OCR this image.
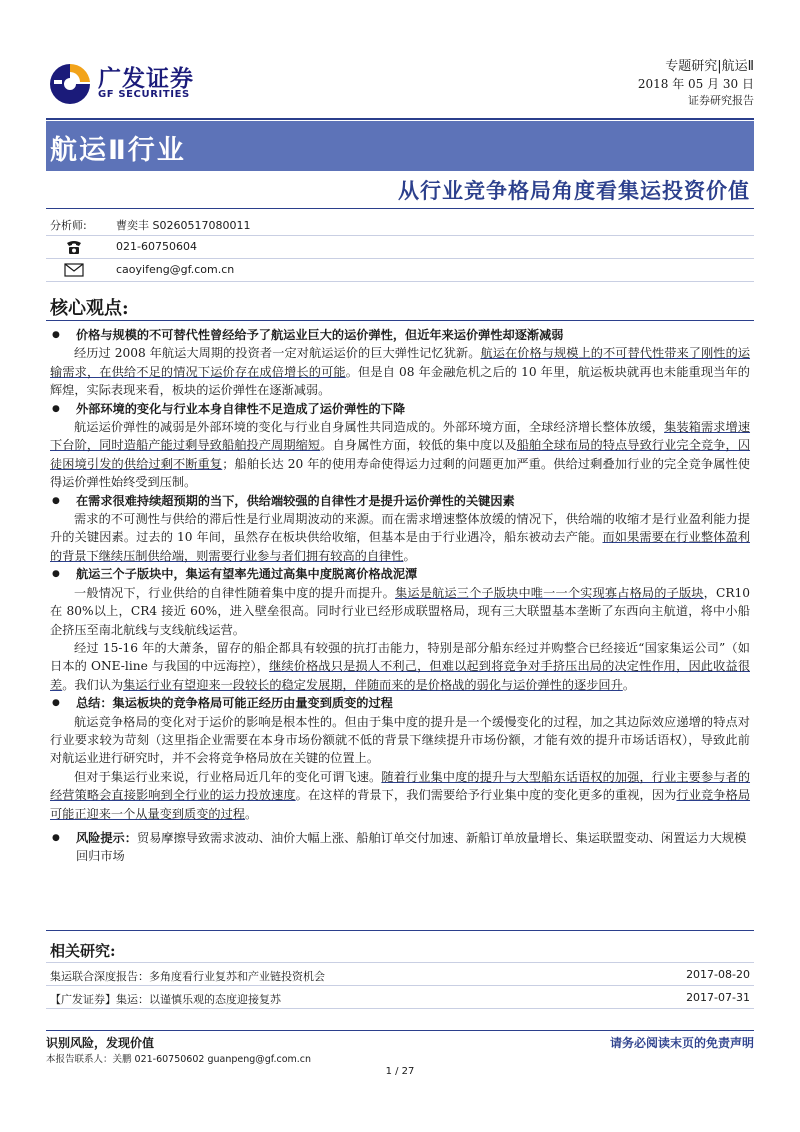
广发证券
GF SECURITIES
专题研究|航运Ⅱ
2018 年 05 月 30 日
证券研究报告
航运Ⅱ行业
从行业竞争格局角度看集运投资价值
分析师:	曹奕丰 S0260517080011
021-60750604
caoyifeng@gf.com.cn
核心观点:

● 价格与规模的不可替代性曾经给予了航运业巨大的运价弹性，但近年来运价弹性却逐渐减弱

经历过 2008 年航运大周期的投资者一定对航运运价的巨大弹性记忆犹新。航运在价格与规模上的不可替代性带来了刚性的运输需求，在供给不足的情况下运价存在成倍增长的可能。但是自 08 年金融危机之后的 10 年里，航运板块就再也未能重现当年的辉煌，实际表现来看，板块的运价弹性在逐渐减弱。

● 外部环境的变化与行业本身自律性不足造成了运价弹性的下降

航运运价弹性的减弱是外部环境的变化与行业自身属性共同造成的。外部环境方面，全球经济增长整体放缓，集装箱需求增速下台阶，同时造船产能过剩导致船舶投产周期缩短。自身属性方面，较低的集中度以及船舶全球布局的特点导致行业完全竞争，囚徒困境引发的供给过剩不断重复；船舶长达 20 年的使用寿命使得运力过剩的问题更加严重。供给过剩叠加行业的完全竞争属性使得运价弹性始终受到压制。

● 在需求很难持续超预期的当下，供给端较强的自律性才是提升运价弹性的关键因素

需求的不可测性与供给的滞后性是行业周期波动的来源。而在需求增速整体放缓的情况下，供给端的收缩才是行业盈利能力提升的关键因素。过去的 10 年间，虽然存在板块供给收缩，但基本是由于行业遇冷，船东被动去产能。而如果需要在行业整体盈利的背景下继续压制供给端，则需要行业参与者们拥有较高的自律性。

● 航运三个子版块中，集运有望率先通过高集中度脱离价格战泥潭

一般情况下，行业供给的自律性随着集中度的提升而提升。集运是航运三个子版块中唯一一个实现寡占格局的子版块，CR10 在 80%以上，CR4 接近 60%，进入壁垒很高。同时行业已经形成联盟格局，现有三大联盟基本垄断了东西向主航道，将中小船企挤压至南北航线与支线航线运营。

经过 15-16 年的大萧条，留存的船企都具有较强的抗打击能力，特别是部分船东经过并购整合已经接近“国家集运公司”（如日本的 ONE-line 与我国的中远海控），继续价格战只是损人不利己，但难以起到将竞争对手挤压出局的决定性作用，因此收益很差。我们认为集运行业有望迎来一段较长的稳定发展期，伴随而来的是价格战的弱化与运价弹性的逐步回升。

● 总结：集运板块的竞争格局可能正经历由量变到质变的过程

航运竞争格局的变化对于运价的影响是根本性的。但由于集中度的提升是一个缓慢变化的过程，加之其边际效应递增的特点对行业要求较为苛刻（这里指企业需要在本身市场份额就不低的背景下继续提升市场份额，才能有效的提升市场话语权），导致此前对航运业进行研究时，并不会将竞争格局放在关键的位置上。

但对于集运行业来说，行业格局近几年的变化可谓飞速。随着行业集中度的提升与大型船东话语权的加强，行业主要参与者的经营策略会直接影响到全行业的运力投放速度。在这样的背景下，我们需要给予行业集中度的变化更多的重视，因为行业竞争格局可能正迎来一个从量变到质变的过程。

● 风险提示：贸易摩擦导致需求波动、油价大幅上涨、船舶订单交付加速、新船订单放量增长、集运联盟变动、闲置运力大规模回归市场

相关研究:
集运联合深度报告：多角度看行业复苏和产业链投资机会	2017-08-20
【广发证券】集运：以谨慎乐观的态度迎接复苏	2017-07-31
识别风险，发现价值	请务必阅读末页的免责声明
本报告联系人：关鹏 021-60750602 guanpeng@gf.com.cn
1 / 27
